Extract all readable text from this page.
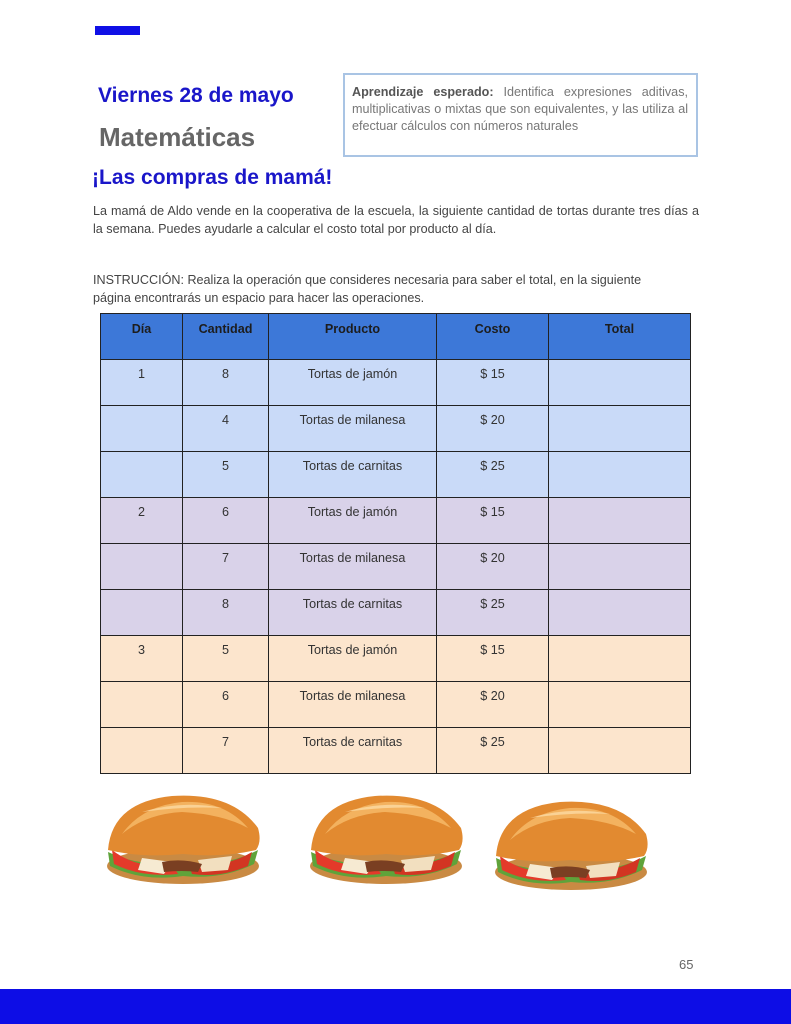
Viernes 28 de mayo
Matemáticas
Aprendizaje esperado: Identifica expresiones aditivas, multiplicativas o mixtas que son equivalentes, y las utiliza al efectuar cálculos con números naturales
¡Las compras de mamá!

La mamá de Aldo vende en la cooperativa de la escuela, la siguiente cantidad de tortas durante tres días a la semana. Puedes ayudarle a calcular el costo total por producto al día.

INSTRUCCIÓN: Realiza la operación que consideres necesaria para saber el total, en la siguiente página encontrarás un espacio para hacer las operaciones.

Día	Cantidad	Producto	Costo	Total
1	8	Tortas de jamón	$ 15	
	4	Tortas de milanesa	$ 20	
	5	Tortas de carnitas	$ 25	
2	6	Tortas de jamón	$ 15	
	7	Tortas de milanesa	$ 20	
	8	Tortas de carnitas	$ 25	
3	5	Tortas de jamón	$ 15	
	6	Tortas de milanesa	$ 20	
	7	Tortas de carnitas	$ 25	

65
